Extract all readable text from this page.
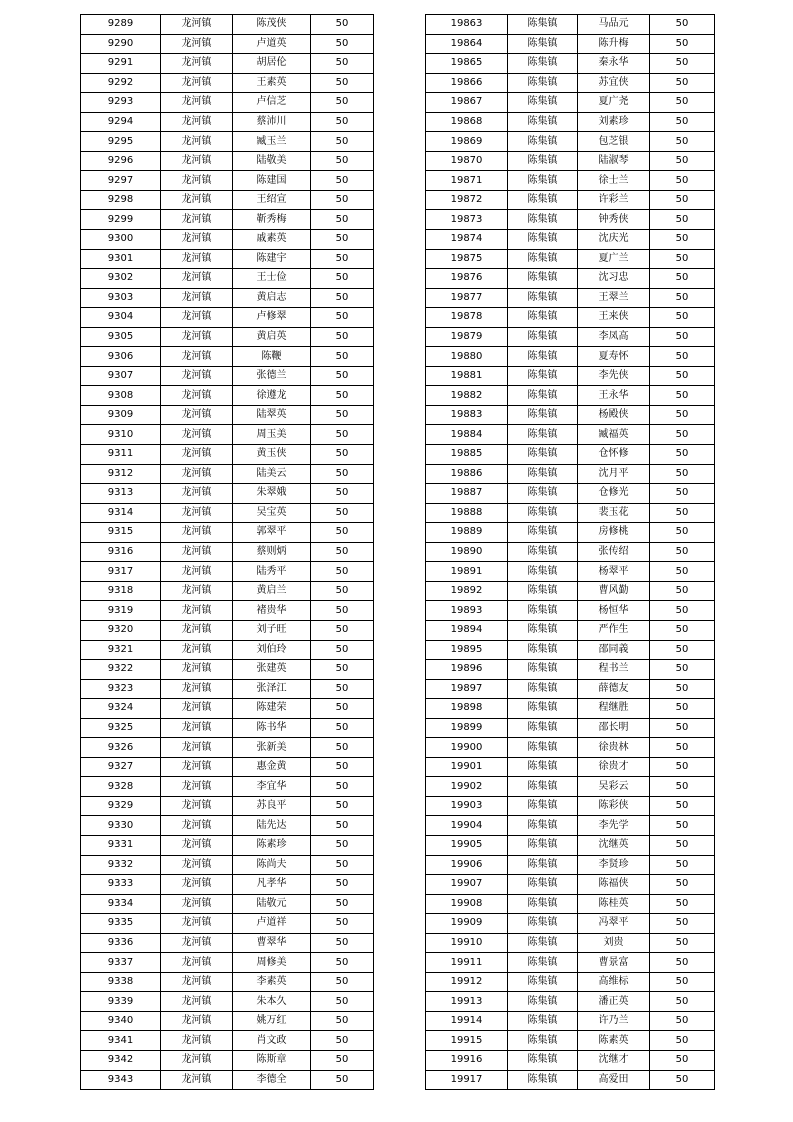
9289	龙河镇	陈茂侠	50
9290	龙河镇	卢道英	50
9291	龙河镇	胡居伦	50
9292	龙河镇	王素英	50
9293	龙河镇	卢信芝	50
9294	龙河镇	蔡沛川	50
9295	龙河镇	臧玉兰	50
9296	龙河镇	陆敬美	50
9297	龙河镇	陈建国	50
9298	龙河镇	王绍宣	50
9299	龙河镇	靳秀梅	50
9300	龙河镇	戚素英	50
9301	龙河镇	陈建宇	50
9302	龙河镇	王士俭	50
9303	龙河镇	黄启志	50
9304	龙河镇	卢修翠	50
9305	龙河镇	黄启英	50
9306	龙河镇	陈鞭	50
9307	龙河镇	张德兰	50
9308	龙河镇	徐遵龙	50
9309	龙河镇	陆翠英	50
9310	龙河镇	周玉美	50
9311	龙河镇	黄玉侠	50
9312	龙河镇	陆美云	50
9313	龙河镇	朱翠娥	50
9314	龙河镇	吴宝英	50
9315	龙河镇	郭翠平	50
9316	龙河镇	蔡则炳	50
9317	龙河镇	陆秀平	50
9318	龙河镇	黄启兰	50
9319	龙河镇	褚贵华	50
9320	龙河镇	刘子旺	50
9321	龙河镇	刘伯玲	50
9322	龙河镇	张建英	50
9323	龙河镇	张泽江	50
9324	龙河镇	陈建荣	50
9325	龙河镇	陈书华	50
9326	龙河镇	张新美	50
9327	龙河镇	惠金黄	50
9328	龙河镇	李宜华	50
9329	龙河镇	苏良平	50
9330	龙河镇	陆先达	50
9331	龙河镇	陈素珍	50
9332	龙河镇	陈尚夫	50
9333	龙河镇	凡孝华	50
9334	龙河镇	陆敬元	50
9335	龙河镇	卢道祥	50
9336	龙河镇	曹翠华	50
9337	龙河镇	周修美	50
9338	龙河镇	李素英	50
9339	龙河镇	朱本久	50
9340	龙河镇	姚万红	50
9341	龙河镇	肖文政	50
9342	龙河镇	陈斯章	50
9343	龙河镇	李德全	50
19863	陈集镇	马品元	50
19864	陈集镇	陈升梅	50
19865	陈集镇	秦永华	50
19866	陈集镇	苏宜侠	50
19867	陈集镇	夏广尧	50
19868	陈集镇	刘素珍	50
19869	陈集镇	包芝银	50
19870	陈集镇	陆淑琴	50
19871	陈集镇	徐士兰	50
19872	陈集镇	许彩兰	50
19873	陈集镇	钟秀侠	50
19874	陈集镇	沈庆光	50
19875	陈集镇	夏广兰	50
19876	陈集镇	沈习忠	50
19877	陈集镇	王翠兰	50
19878	陈集镇	王来侠	50
19879	陈集镇	李凤高	50
19880	陈集镇	夏寿怀	50
19881	陈集镇	李先侠	50
19882	陈集镇	王永华	50
19883	陈集镇	杨殿侠	50
19884	陈集镇	臧福英	50
19885	陈集镇	仓怀修	50
19886	陈集镇	沈月平	50
19887	陈集镇	仓修光	50
19888	陈集镇	裴玉花	50
19889	陈集镇	房修桃	50
19890	陈集镇	张传绍	50
19891	陈集镇	杨翠平	50
19892	陈集镇	曹风勤	50
19893	陈集镇	杨恒华	50
19894	陈集镇	严作生	50
19895	陈集镇	邵同義	50
19896	陈集镇	程书兰	50
19897	陈集镇	薛德友	50
19898	陈集镇	程继胜	50
19899	陈集镇	邵长明	50
19900	陈集镇	徐贵林	50
19901	陈集镇	徐贵才	50
19902	陈集镇	吴彩云	50
19903	陈集镇	陈彩侠	50
19904	陈集镇	李先学	50
19905	陈集镇	沈继英	50
19906	陈集镇	李贤珍	50
19907	陈集镇	陈福侠	50
19908	陈集镇	陈桂英	50
19909	陈集镇	冯翠平	50
19910	陈集镇	刘贵	50
19911	陈集镇	曹景富	50
19912	陈集镇	高维标	50
19913	陈集镇	潘正英	50
19914	陈集镇	许乃兰	50
19915	陈集镇	陈素英	50
19916	陈集镇	沈继才	50
19917	陈集镇	高爱田	50
